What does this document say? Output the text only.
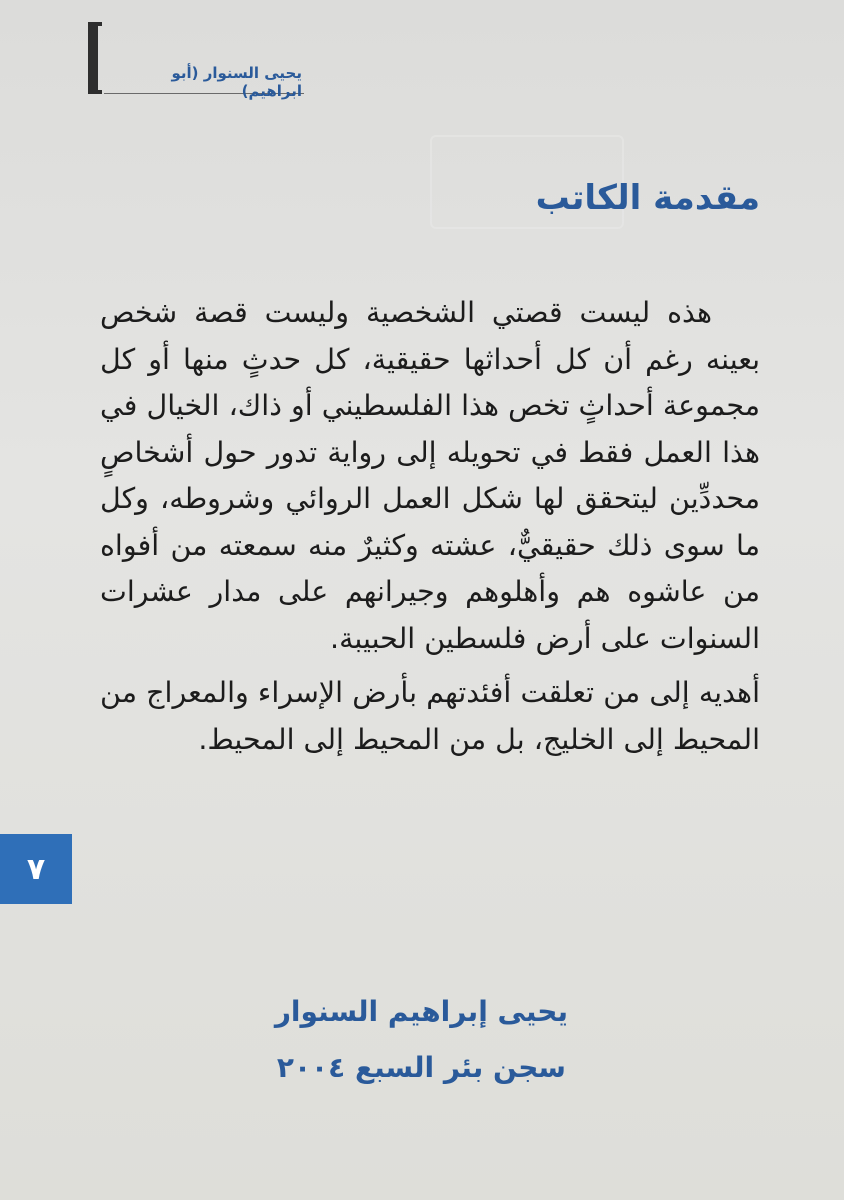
يحيى السنوار (أبو ابراهيم)
مقدمة الكاتب

هذه ليست قصتي الشخصية وليست قصة شخص بعينه رغم أن كل أحداثها حقيقية، كل حدثٍ منها أو كل مجموعة أحداثٍ تخص هذا الفلسطيني أو ذاك، الخيال في هذا العمل فقط في تحويله إلى رواية تدور حول أشخاصٍ محددِّين ليتحقق لها شكل العمل الروائي وشروطه، وكل ما سوى ذلك حقيقيٌّ، عشته وكثيرٌ منه سمعته من أفواه من عاشوه هم وأهلوهم وجيرانهم على مدار عشرات السنوات على أرض فلسطين الحبيبة.

أهديه إلى من تعلقت أفئدتهم بأرض الإسراء والمعراج من المحيط إلى الخليج، بل من المحيط إلى المحيط.

٧
يحيى إبراهيم السنوار
سجن بئر السبع ٢٠٠٤
